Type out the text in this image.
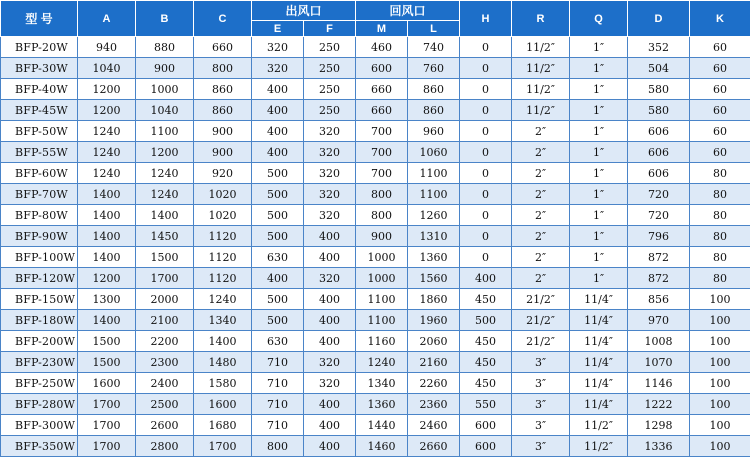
型 号	A	B	C	出风口		回风口		H	R	Q	D	K
				E	F	M	L					
BFP-20W	940	880	660	320	250	460	740	0	11/2″	1″	352	60
BFP-30W	1040	900	800	320	250	600	760	0	11/2″	1″	504	60
BFP-40W	1200	1000	860	400	250	660	860	0	11/2″	1″	580	60
BFP-45W	1200	1040	860	400	250	660	860	0	11/2″	1″	580	60
BFP-50W	1240	1100	900	400	320	700	960	0	2″	1″	606	60
BFP-55W	1240	1200	900	400	320	700	1060	0	2″	1″	606	60
BFP-60W	1240	1240	920	500	320	700	1100	0	2″	1″	606	80
BFP-70W	1400	1240	1020	500	320	800	1100	0	2″	1″	720	80
BFP-80W	1400	1400	1020	500	320	800	1260	0	2″	1″	720	80
BFP-90W	1400	1450	1120	500	400	900	1310	0	2″	1″	796	80
BFP-100W	1400	1500	1120	630	400	1000	1360	0	2″	1″	872	80
BFP-120W	1200	1700	1120	400	320	1000	1560	400	2″	1″	872	80
BFP-150W	1300	2000	1240	500	400	1100	1860	450	21/2″	11/4″	856	100
BFP-180W	1400	2100	1340	500	400	1100	1960	500	21/2″	11/4″	970	100
BFP-200W	1500	2200	1400	630	400	1160	2060	450	21/2″	11/4″	1008	100
BFP-230W	1500	2300	1480	710	320	1240	2160	450	3″	11/4″	1070	100
BFP-250W	1600	2400	1580	710	320	1340	2260	450	3″	11/4″	1146	100
BFP-280W	1700	2500	1600	710	400	1360	2360	550	3″	11/4″	1222	100
BFP-300W	1700	2600	1680	710	400	1440	2460	600	3″	11/2″	1298	100
BFP-350W	1700	2800	1700	800	400	1460	2660	600	3″	11/2″	1336	100
